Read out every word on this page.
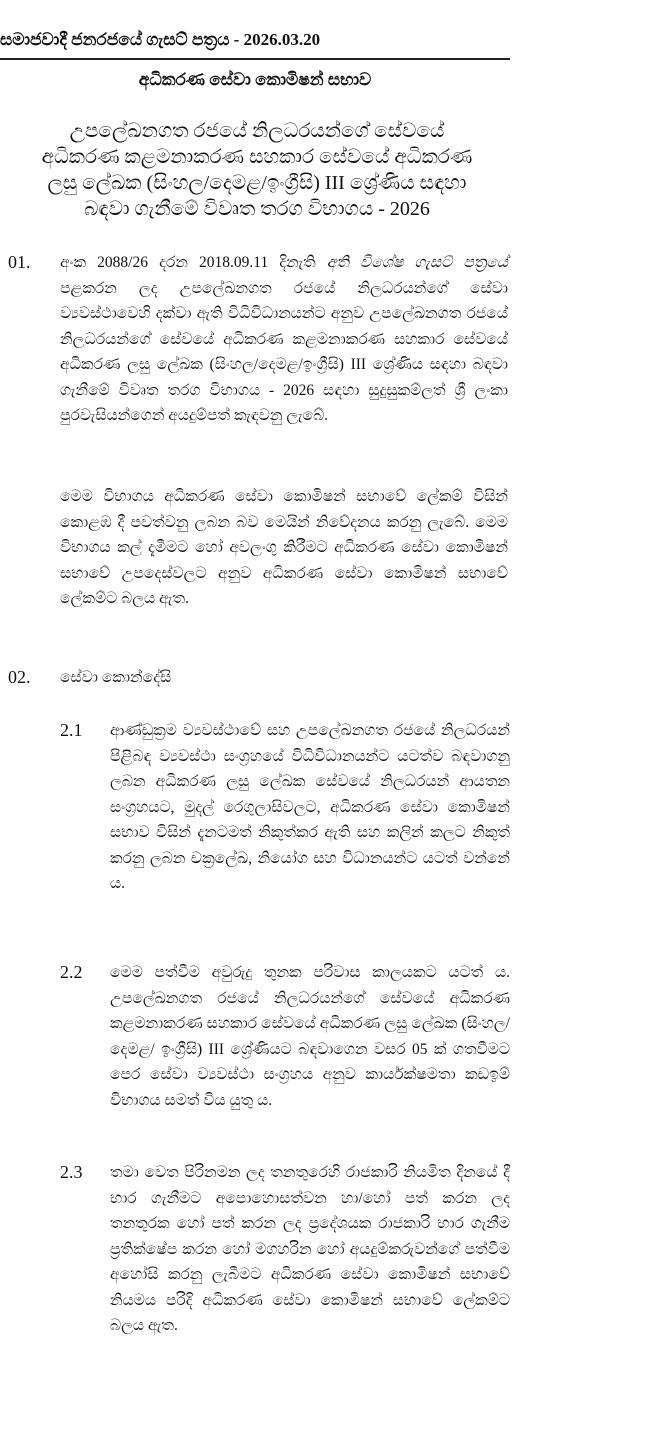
සමාජවාදී ජනරජයේ ගැසට් පත්‍රය - 2026.03.20
අධිකරණ සේවා කොමිෂන් සභාව
උපලේඛනගත රජයේ නිලධරයන්ගේ සේවයේ
අධිකරණ කළමනාකරණ සහකාර සේවයේ අධිකරණ
ලසු ලේඛක (සිංහල/දෙමළ/ඉංග්‍රීසි) III ශ්‍රේණිය සඳහා
බඳවා ගැනීමේ විවෘත තරග විභාගය - 2026
01. අංක 2088/26 දරන 2018.09.11 දිනැති අති විශේෂ ගැසට් පත්‍රයේ පළකරන ලද උපලේඛනගත රජයේ නිලධරයන්ගේ සේවා ව්‍යවස්ථාවෙහි දක්වා ඇති විධිවිධානයන්ට අනුව උපලේඛනගත රජයේ නිලධරයන්ගේ සේවයේ අධිකරණ කළමනාකරණ සහකාර සේවයේ අධිකරණ ලසු ලේඛක (සිංහල/දෙමළ/ඉංග්‍රීසි) III ශ්‍රේණිය සඳහා බඳවා ගැනීමේ විවෘත තරග විභාගය - 2026 සඳහා සුදුසුකම්ලත් ශ්‍රී ලංකා පුරවැසියන්ගෙන් අයදුම්පත් කැඳවනු ලැබේ.

මෙම විභාගය අධිකරණ සේවා කොමිෂන් සභාවේ ලේකම් විසින් කොළඹ දී පවත්වනු ලබන බව මෙයින් නිවේදනය කරනු ලැබේ. මෙම විභාගය කල් දැමීමට හෝ අවලංගු කිරීමට අධිකරණ සේවා කොමිෂන් සභාවේ උපදෙස්වලට අනුව අධිකරණ සේවා කොමිෂන් සභාවේ ලේකම්ට බලය ඇත.

02. සේවා කොන්දේසි

2.1 ආණ්ඩුක්‍රම ව්‍යවස්ථාවේ සහ උපලේඛනගත රජයේ නිලධරයන් පිළිබඳ ව්‍යවස්ථා සංග්‍රහයේ විධිවිධානයන්ට යටත්ව බඳවාගනු ලබන අධිකරණ ලසු ලේඛක සේවයේ නිලධරයන් ආයතන සංග්‍රහයට, මුදල් රෙගුලාසිවලට, අධිකරණ සේවා කොමිෂන් සභාව විසින් දැනටමත් නිකුත්කර ඇති සහ කලින් කලට නිකුත් කරනු ලබන චක්‍රලේඛ, නියෝග සහ විධානයන්ට යටත් වන්නේ ය.

2.2 මෙම පත්වීම අවුරුදු තුනක පරිවාස කාලයකට යටත් ය. උපලේඛනගත රජයේ නිලධරයන්ගේ සේවයේ අධිකරණ කළමනාකරණ සහකාර සේවයේ අධිකරණ ලසු ලේඛක (සිංහල/දෙමළ/ ඉංග්‍රීසි) III ශ්‍රේණියට බඳවාගෙන වසර 05 ක් ගතවීමට පෙර සේවා ව්‍යවස්ථා සංග්‍රහය අනුව කාර්යක්ෂමතා කඩඉම් විභාගය සමත් විය යුතු ය.

2.3 තමා වෙත පිරිනමන ලද තනතුරෙහි රාජකාරි නියමිත දිනයේ දී භාර ගැනීමට අපොහොසත්වන හා/හෝ පත් කරන ලද තනතුරක හෝ පත් කරන ලද ප්‍රදේශයක රාජකාරි භාර ගැනීම ප්‍රතික්ෂේප කරන හෝ මගහරින හෝ අයදුම්කරුවන්ගේ පත්වීම අහෝසි කරනු ලැබීමට අධිකරණ සේවා කොමිෂන් සභාවේ නියමය පරිදි අධිකරණ සේවා කොමිෂන් සභාවේ ලේකම්ට බලය ඇත.
